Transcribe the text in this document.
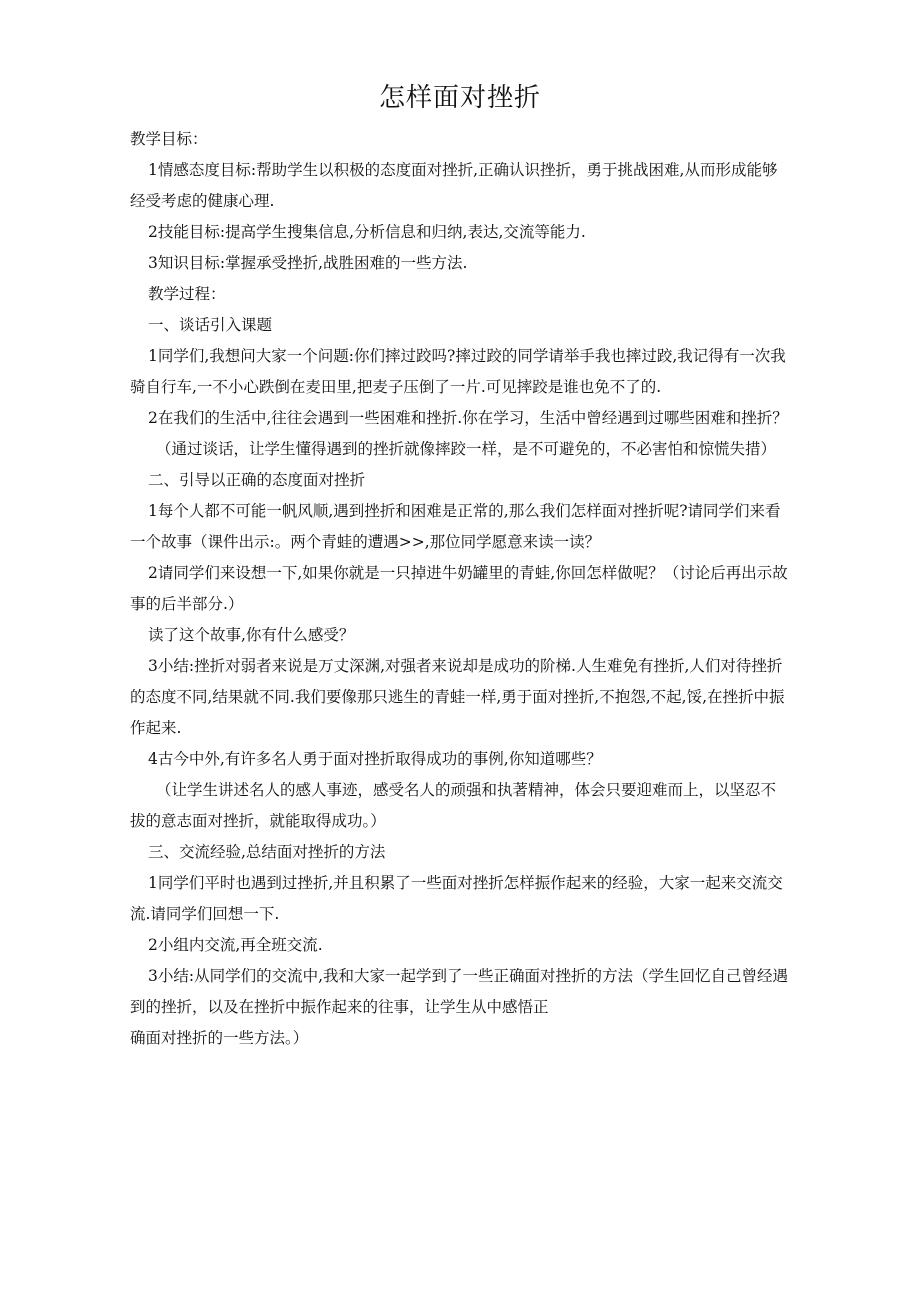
怎样面对挫折

教学目标：

1情感态度目标:帮助学生以积极的态度面对挫折,正确认识挫折，勇于挑战困难,从而形成能够经受考虑的健康心理.

2技能目标:提高学生搜集信息,分析信息和归纳,表达,交流等能力.

3知识目标:掌握承受挫折,战胜困难的一些方法.

教学过程：

一、谈话引入课题

1同学们,我想问大家一个问题:你们摔过跤吗?摔过跤的同学请举手我也摔过跤,我记得有一次我骑自行车,一不小心跌倒在麦田里,把麦子压倒了一片.可见摔跤是谁也免不了的.

2在我们的生活中,往往会遇到一些困难和挫折.你在学习，生活中曾经遇到过哪些困难和挫折？

（通过谈话，让学生懂得遇到的挫折就像摔跤一样，是不可避免的，不必害怕和惊慌失措）

二、引导以正确的态度面对挫折

1每个人都不可能一帆风顺,遇到挫折和困难是正常的,那么我们怎样面对挫折呢?请同学们来看一个故事（课件出示:。两个青蛙的遭遇>>,那位同学愿意来读一读？

2请同学们来设想一下,如果你就是一只掉进牛奶罐里的青蛙,你回怎样做呢？（讨论后再出示故事的后半部分.）

读了这个故事,你有什么感受？

3小结:挫折对弱者来说是万丈深渊,对强者来说却是成功的阶梯.人生难免有挫折,人们对待挫折的态度不同,结果就不同.我们要像那只逃生的青蛙一样,勇于面对挫折,不抱怨,不起,馁,在挫折中振作起来.

4古今中外,有许多名人勇于面对挫折取得成功的事例,你知道哪些？

（让学生讲述名人的感人事迹，感受名人的顽强和执著精神，体会只要迎难而上，以坚忍不拔的意志面对挫折，就能取得成功。）

三、交流经验,总结面对挫折的方法

1同学们平时也遇到过挫折,并且积累了一些面对挫折怎样振作起来的经验，大家一起来交流交流.请同学们回想一下.

2小组内交流,再全班交流.

3小结:从同学们的交流中,我和大家一起学到了一些正确面对挫折的方法（学生回忆自己曾经遇到的挫折，以及在挫折中振作起来的往事，让学生从中感悟正

确面对挫折的一些方法。）
